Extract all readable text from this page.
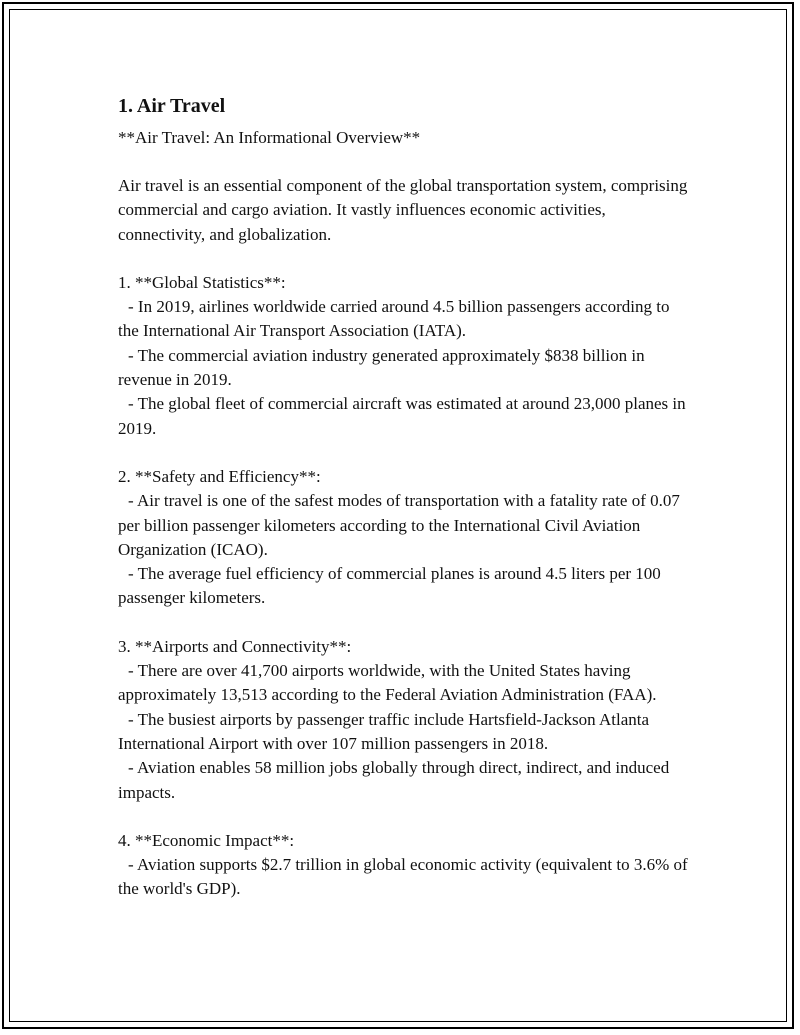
1. Air Travel
**Air Travel: An Informational Overview**
Air travel is an essential component of the global transportation system, comprising commercial and cargo aviation. It vastly influences economic activities, connectivity, and globalization.
1. **Global Statistics**:
- In 2019, airlines worldwide carried around 4.5 billion passengers according to the International Air Transport Association (IATA).
- The commercial aviation industry generated approximately $838 billion in revenue in 2019.
- The global fleet of commercial aircraft was estimated at around 23,000 planes in 2019.
2. **Safety and Efficiency**:
- Air travel is one of the safest modes of transportation with a fatality rate of 0.07 per billion passenger kilometers according to the International Civil Aviation Organization (ICAO).
- The average fuel efficiency of commercial planes is around 4.5 liters per 100 passenger kilometers.
3. **Airports and Connectivity**:
- There are over 41,700 airports worldwide, with the United States having approximately 13,513 according to the Federal Aviation Administration (FAA).
- The busiest airports by passenger traffic include Hartsfield-Jackson Atlanta International Airport with over 107 million passengers in 2018.
- Aviation enables 58 million jobs globally through direct, indirect, and induced impacts.
4. **Economic Impact**:
- Aviation supports $2.7 trillion in global economic activity (equivalent to 3.6% of the world's GDP).
